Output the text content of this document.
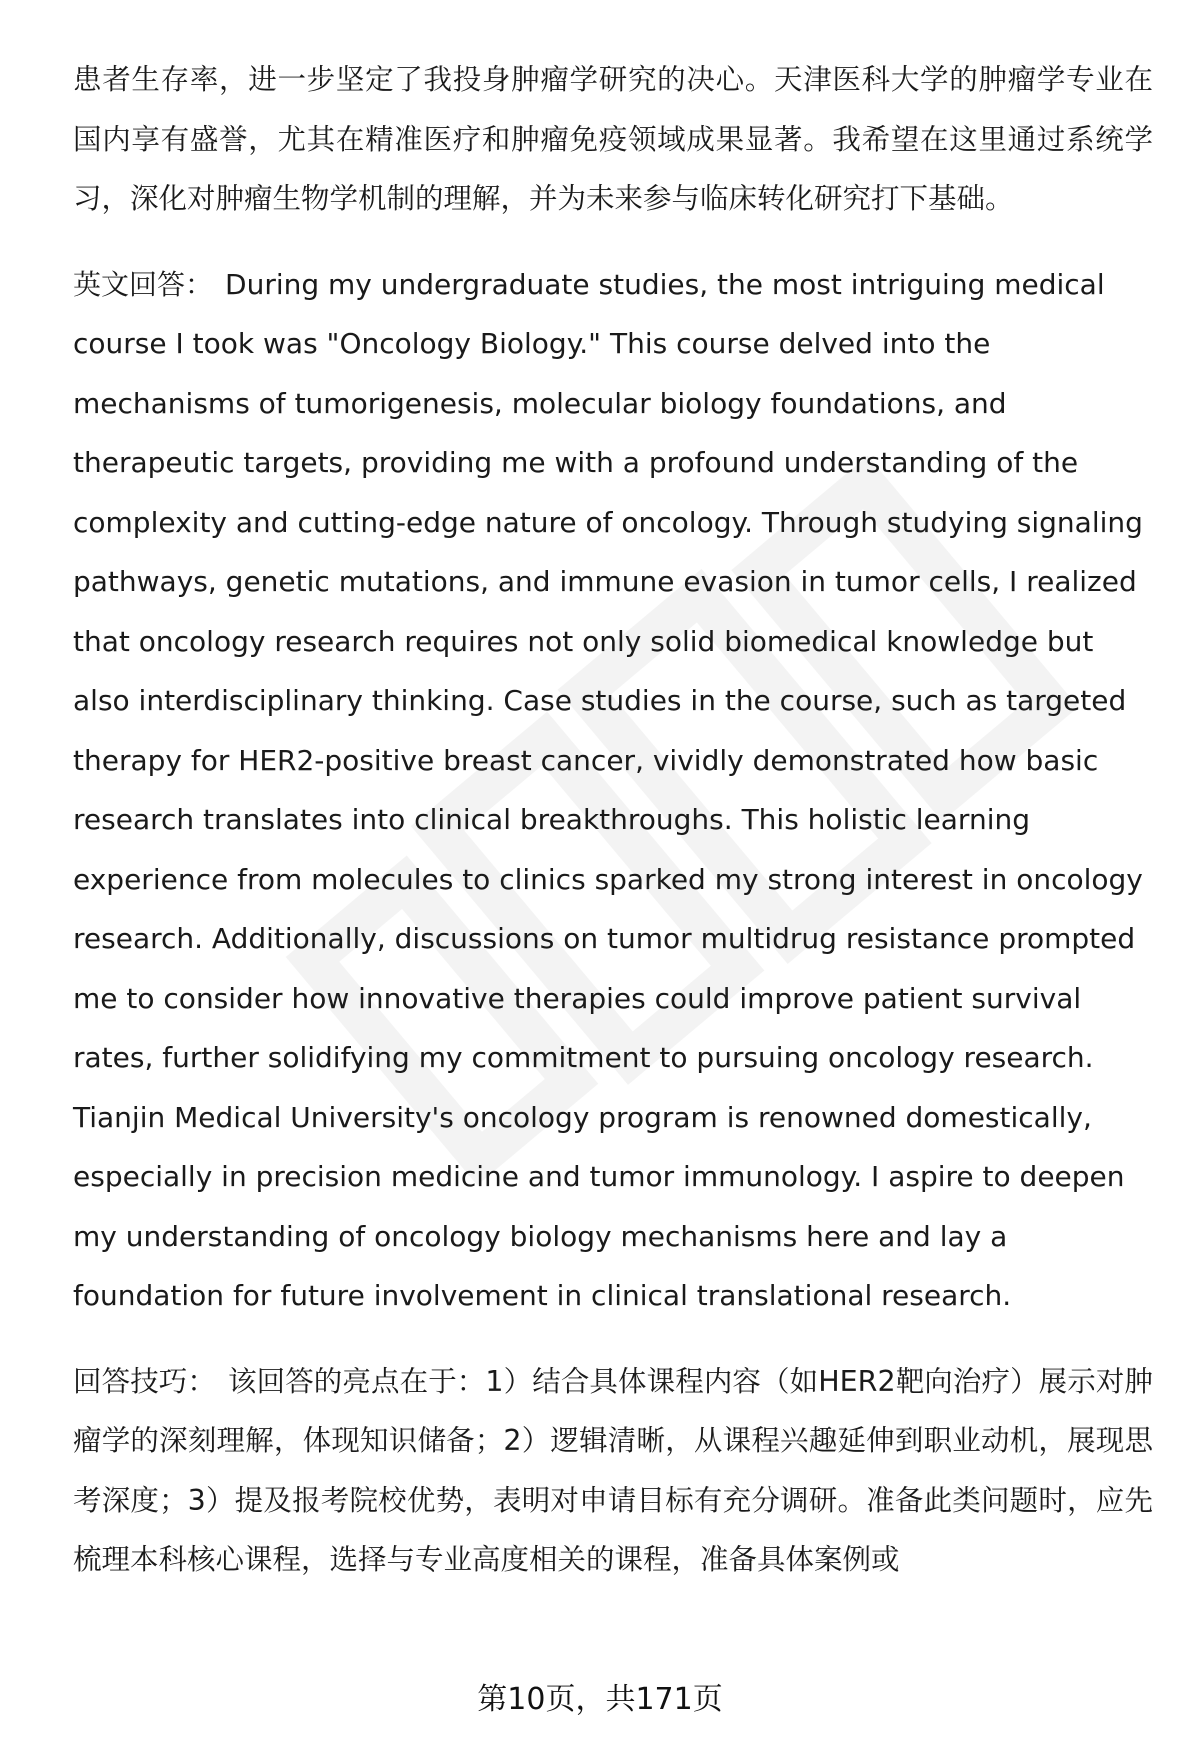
患者生存率，进一步坚定了我投身肿瘤学研究的决心。天津医科大学的肿瘤学专业在国内享有盛誉，尤其在精准医疗和肿瘤免疫领域成果显著。我希望在这里通过系统学习，深化对肿瘤生物学机制的理解，并为未来参与临床转化研究打下基础。

英文回答： During my undergraduate studies, the most intriguing medical course I took was "Oncology Biology." This course delved into the mechanisms of tumorigenesis, molecular biology foundations, and therapeutic targets, providing me with a profound understanding of the complexity and cutting-edge nature of oncology. Through studying signaling pathways, genetic mutations, and immune evasion in tumor cells, I realized that oncology research requires not only solid biomedical knowledge but also interdisciplinary thinking. Case studies in the course, such as targeted therapy for HER2-positive breast cancer, vividly demonstrated how basic research translates into clinical breakthroughs. This holistic learning experience from molecules to clinics sparked my strong interest in oncology research. Additionally, discussions on tumor multidrug resistance prompted me to consider how innovative therapies could improve patient survival rates, further solidifying my commitment to pursuing oncology research. Tianjin Medical University's oncology program is renowned domestically, especially in precision medicine and tumor immunology. I aspire to deepen my understanding of oncology biology mechanisms here and lay a foundation for future involvement in clinical translational research.

回答技巧： 该回答的亮点在于：1）结合具体课程内容（如HER2靶向治疗）展示对肿瘤学的深刻理解，体现知识储备；2）逻辑清晰，从课程兴趣延伸到职业动机，展现思考深度；3）提及报考院校优势，表明对申请目标有充分调研。准备此类问题时，应先梳理本科核心课程，选择与专业高度相关的课程，准备具体案例或

第10页，共171页
